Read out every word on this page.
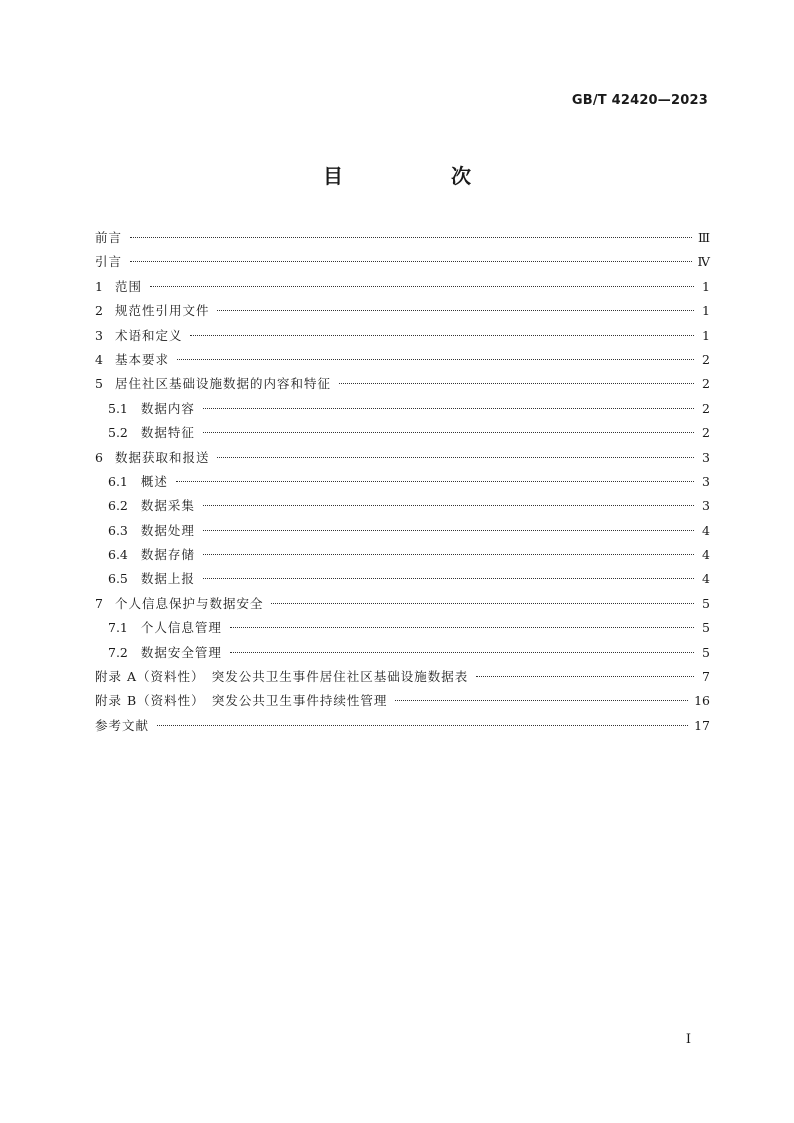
GB/T 42420—2023
目　次
前言	Ⅲ
引言	Ⅳ
1 范围	1
2 规范性引用文件	1
3 术语和定义	1
4 基本要求	2
5 居住社区基础设施数据的内容和特征	2
5.1 数据内容	2
5.2 数据特征	2
6 数据获取和报送	3
6.1 概述	3
6.2 数据采集	3
6.3 数据处理	4
6.4 数据存储	4
6.5 数据上报	4
7 个人信息保护与数据安全	5
7.1 个人信息管理	5
7.2 数据安全管理	5
附录 A（资料性）　突发公共卫生事件居住社区基础设施数据表	7
附录 B（资料性）　突发公共卫生事件持续性管理	16
参考文献	17
Ⅰ
